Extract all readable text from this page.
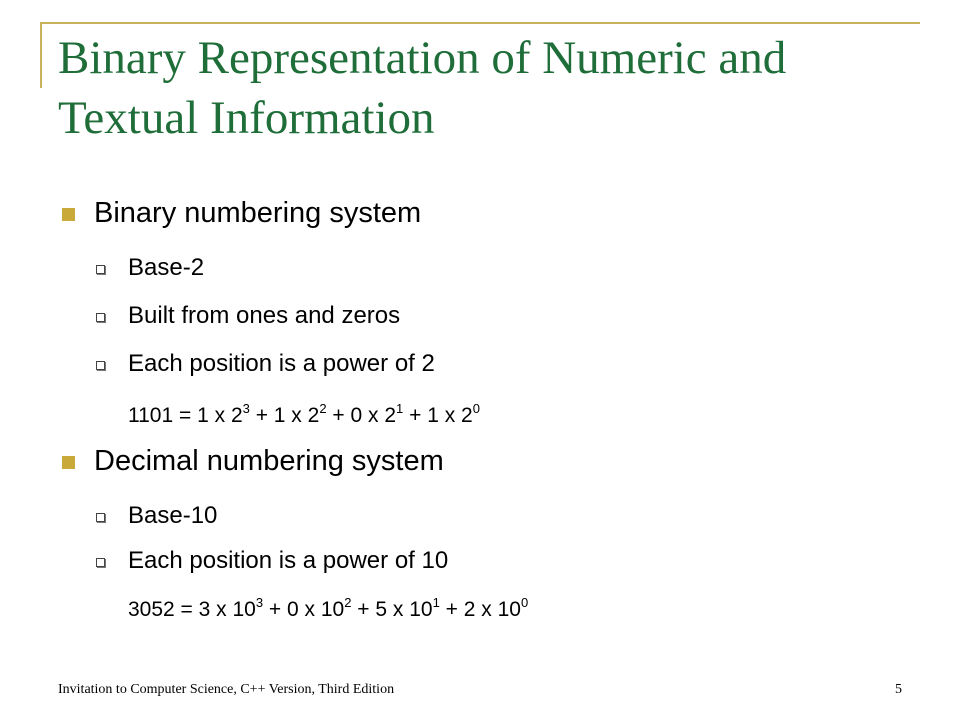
Binary Representation of Numeric and
Textual Information
Binary numbering system
Base-2
Built from ones and zeros
Each position is a power of 2
1101 = 1 x $2^3 + 1$ x $2^2 + 0$ x $2^1 + 1$ x $2^0$
Decimal numbering system
Base-10
Each position is a power of 10
3052 = 3 x $10^3 + 0$ x $10^2 + 5$ x $10^1 + 2$ x $10^0$
Invitation to Computer Science, C++ Version, Third Edition	5
